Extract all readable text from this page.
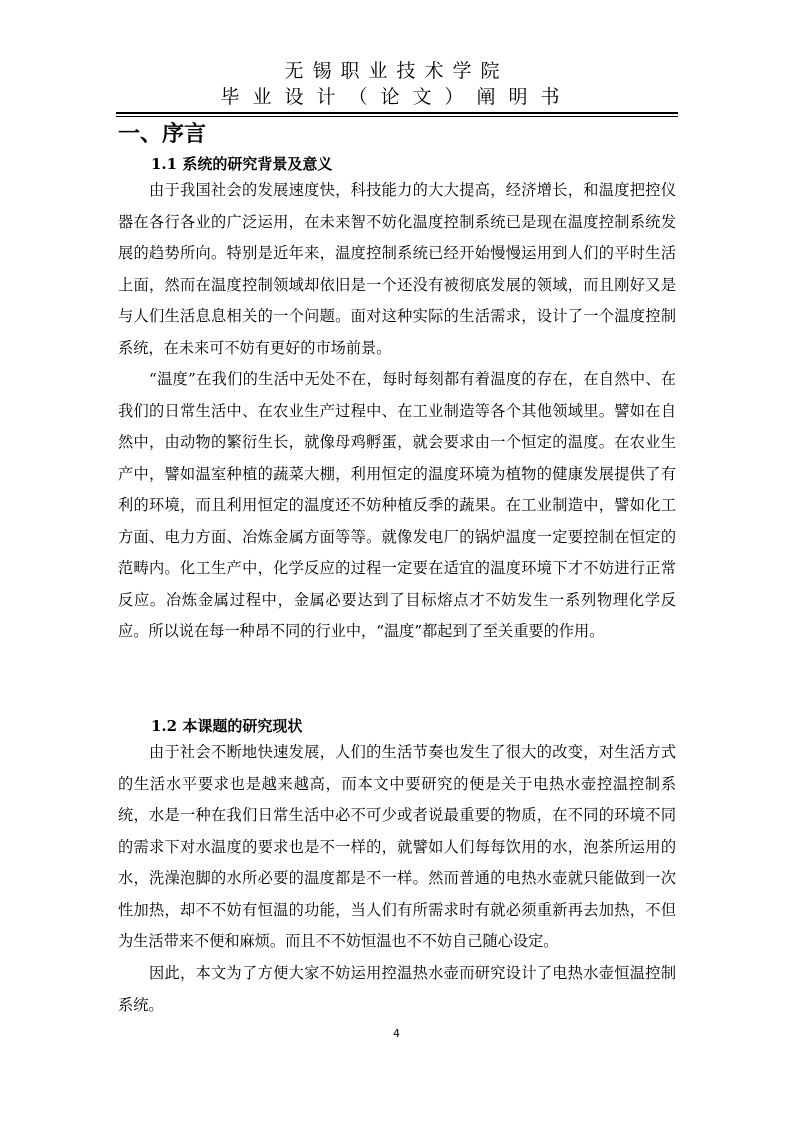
无锡职业技术学院
毕业设计（论文）阐明书
一、序言
1.1 系统的研究背景及意义

由于我国社会的发展速度快，科技能力的大大提高，经济增长，和温度把控仪器在各行各业的广泛运用，在未来智不妨化温度控制系统已是现在温度控制系统发展的趋势所向。特别是近年来，温度控制系统已经开始慢慢运用到人们的平时生活上面，然而在温度控制领域却依旧是一个还没有被彻底发展的领域，而且刚好又是与人们生活息息相关的一个问题。面对这种实际的生活需求，设计了一个温度控制系统，在未来可不妨有更好的市场前景。

“温度”在我们的生活中无处不在，每时每刻都有着温度的存在，在自然中、在我们的日常生活中、在农业生产过程中、在工业制造等各个其他领域里。譬如在自然中，由动物的繁衍生长，就像母鸡孵蛋，就会要求由一个恒定的温度。在农业生产中，譬如温室种植的蔬菜大棚，利用恒定的温度环境为植物的健康发展提供了有利的环境，而且利用恒定的温度还不妨种植反季的蔬果。在工业制造中，譬如化工方面、电力方面、冶炼金属方面等等。就像发电厂的锅炉温度一定要控制在恒定的范畴内。化工生产中，化学反应的过程一定要在适宜的温度环境下才不妨进行正常反应。冶炼金属过程中，金属必要达到了目标熔点才不妨发生一系列物理化学反应。所以说在每一种昂不同的行业中，“温度”都起到了至关重要的作用。

1.2 本课题的研究现状

由于社会不断地快速发展，人们的生活节奏也发生了很大的改变，对生活方式的生活水平要求也是越来越高，而本文中要研究的便是关于电热水壶控温控制系统，水是一种在我们日常生活中必不可少或者说最重要的物质，在不同的环境不同的需求下对水温度的要求也是不一样的，就譬如人们每每饮用的水，泡茶所运用的水，洗澡泡脚的水所必要的温度都是不一样。然而普通的电热水壶就只能做到一次性加热，却不不妨有恒温的功能，当人们有所需求时有就必须重新再去加热，不但为生活带来不便和麻烦。而且不不妨恒温也不不妨自己随心设定。

因此，本文为了方便大家不妨运用控温热水壶而研究设计了电热水壶恒温控制系统。

4
